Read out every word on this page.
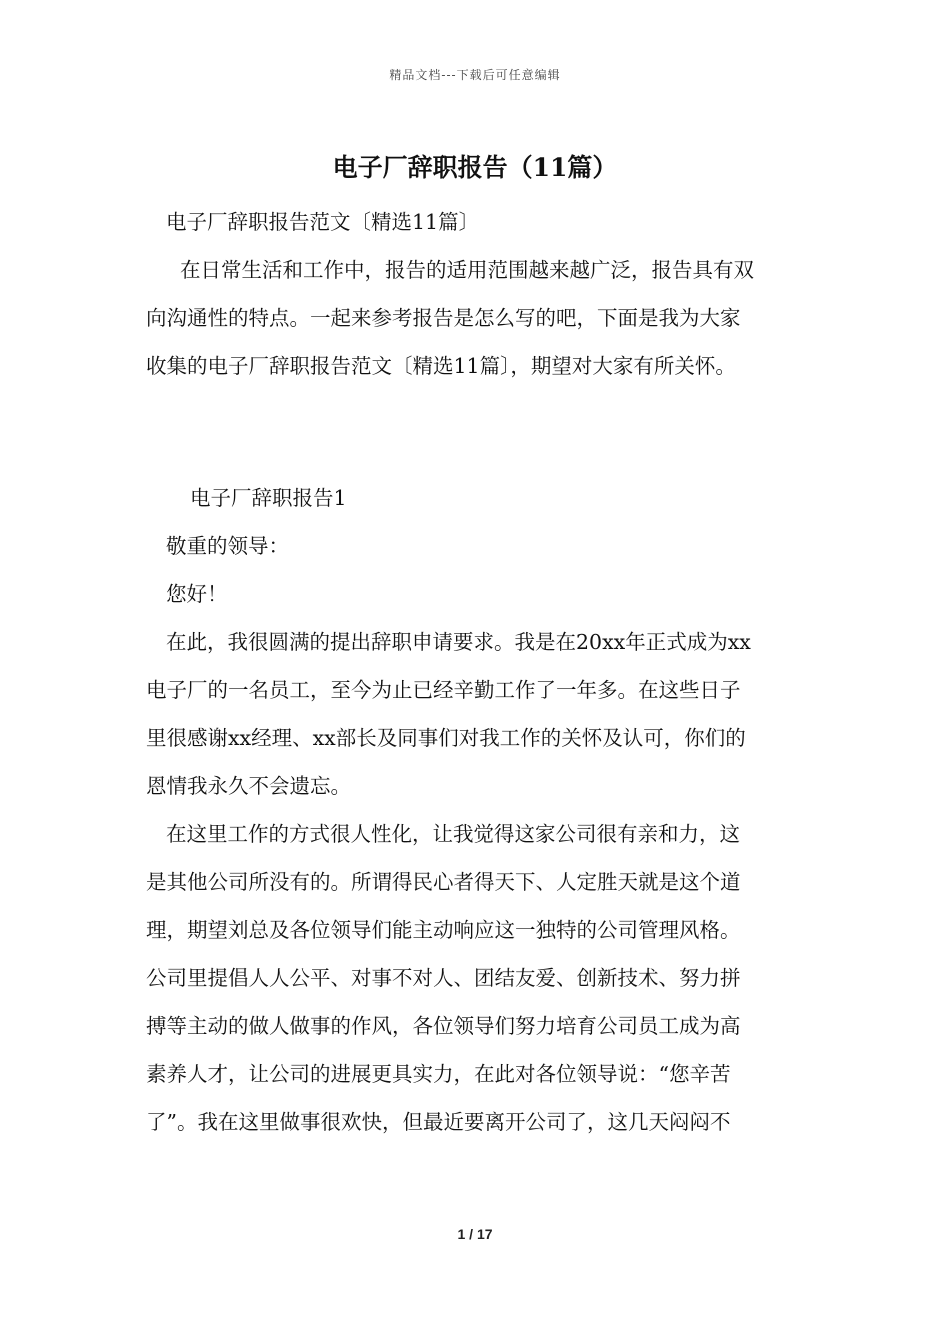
精品文档---下载后可任意编辑
电子厂辞职报告（11篇）
电子厂辞职报告范文〔精选11篇〕
在日常生活和工作中，报告的适用范围越来越广泛，报告具有双
向沟通性的特点。一起来参考报告是怎么写的吧，下面是我为大家
收集的电子厂辞职报告范文〔精选11篇〕，期望对大家有所关怀。
电子厂辞职报告1
敬重的领导：
您好！
在此，我很圆满的提出辞职申请要求。我是在20xx年正式成为xx
电子厂的一名员工，至今为止已经辛勤工作了一年多。在这些日子
里很感谢xx经理、xx部长及同事们对我工作的关怀及认可，你们的
恩情我永久不会遗忘。
在这里工作的方式很人性化，让我觉得这家公司很有亲和力，这
是其他公司所没有的。所谓得民心者得天下、人定胜天就是这个道
理，期望刘总及各位领导们能主动响应这一独特的公司管理风格。
公司里提倡人人公平、对事不对人、团结友爱、创新技术、努力拼
搏等主动的做人做事的作风，各位领导们努力培育公司员工成为高
素养人才，让公司的进展更具实力，在此对各位领导说：“您辛苦
了”。我在这里做事很欢快，但最近要离开公司了，这几天闷闷不
1 / 17
